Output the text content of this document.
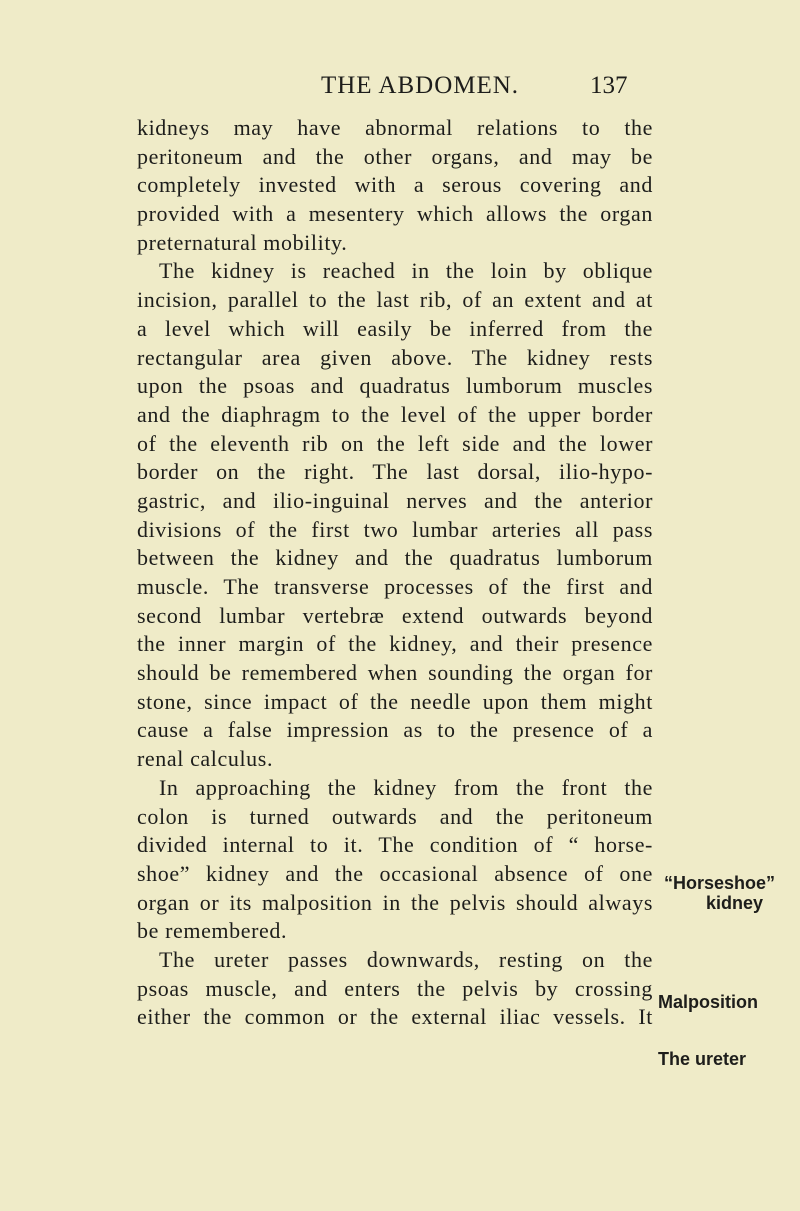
THE ABDOMEN.	137
kidneys may have abnormal relations to the
peritoneum and the other organs, and may be
completely invested with a serous covering and
provided with a mesentery which allows the organ
preternatural mobility.
The kidney is reached in the loin by oblique
incision, parallel to the last rib, of an extent and at
a level which will easily be inferred from the
rectangular area given above. The kidney rests
upon the psoas and quadratus lumborum muscles
and the diaphragm to the level of the upper border
of the eleventh rib on the left side and the lower
border on the right. The last dorsal, ilio-hypo-
gastric, and ilio-inguinal nerves and the anterior
divisions of the first two lumbar arteries all pass
between the kidney and the quadratus lumborum
muscle. The transverse processes of the first and
second lumbar vertebræ extend outwards beyond
the inner margin of the kidney, and their presence
should be remembered when sounding the organ for
stone, since impact of the needle upon them might
cause a false impression as to the presence of a
renal calculus.
In approaching the kidney from the front the
colon is turned outwards and the peritoneum
divided internal to it. The condition of “ horse-
shoe” kidney and the occasional absence of one
organ or its malposition in the pelvis should always
be remembered.
The ureter passes downwards, resting on the
psoas muscle, and enters the pelvis by crossing
either the common or the external iliac vessels. It
“Horseshoe”
kidney
Malposition
The ureter
